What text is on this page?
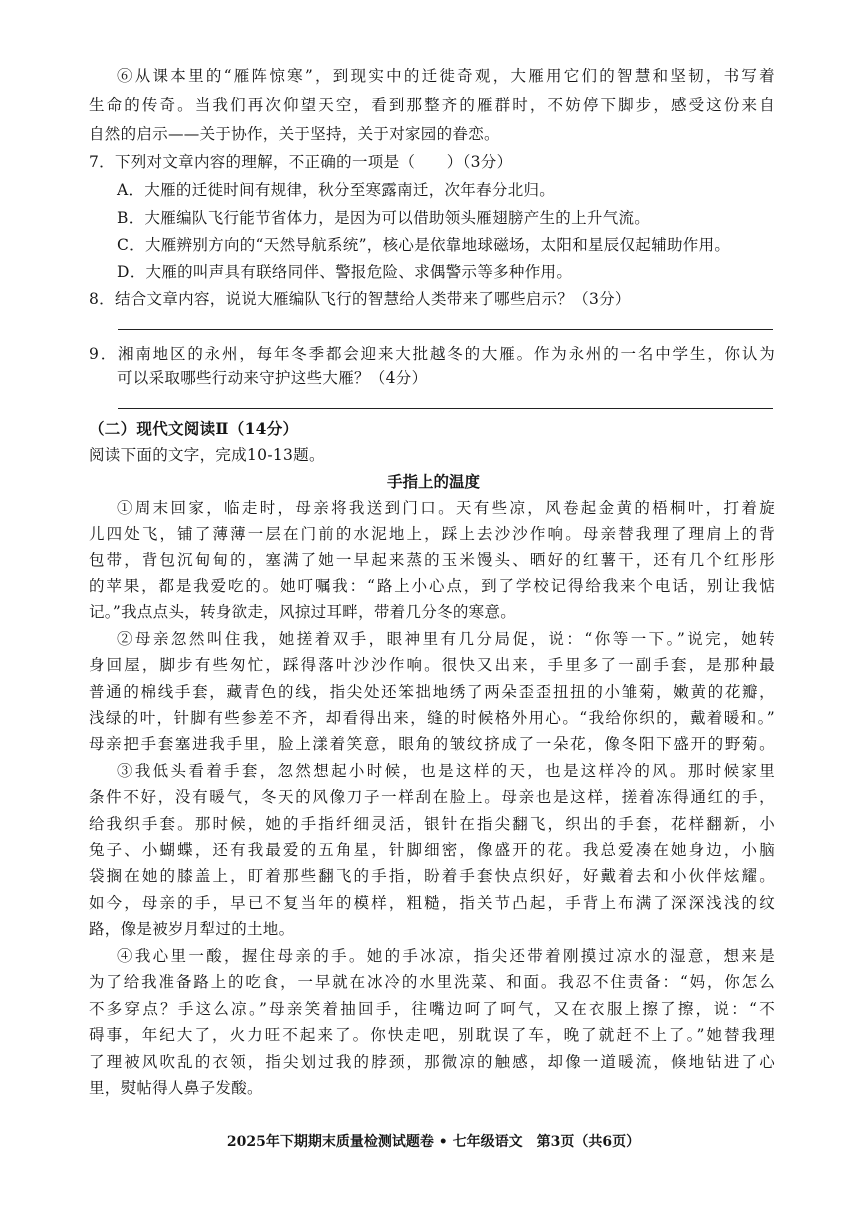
⑥从课本里的“雁阵惊寒”，到现实中的迁徙奇观，大雁用它们的智慧和坚韧，书写着
生命的传奇。当我们再次仰望天空，看到那整齐的雁群时，不妨停下脚步，感受这份来自
自然的启示——关于协作，关于坚持，关于对家园的眷恋。
7．下列对文章内容的理解，不正确的一项是（　　）（3分）
A．大雁的迁徙时间有规律，秋分至寒露南迁，次年春分北归。
B．大雁编队飞行能节省体力，是因为可以借助领头雁翅膀产生的上升气流。
C．大雁辨别方向的“天然导航系统”，核心是依靠地球磁场，太阳和星辰仅起辅助作用。
D．大雁的叫声具有联络同伴、警报危险、求偶警示等多种作用。
8．结合文章内容，说说大雁编队飞行的智慧给人类带来了哪些启示？（3分）
9．湘南地区的永州，每年冬季都会迎来大批越冬的大雁。作为永州的一名中学生，你认为
可以采取哪些行动来守护这些大雁？（4分）
（二）现代文阅读Ⅱ（14分）
阅读下面的文字，完成10-13题。
手指上的温度
①周末回家，临走时，母亲将我送到门口。天有些凉，风卷起金黄的梧桐叶，打着旋
儿四处飞，铺了薄薄一层在门前的水泥地上，踩上去沙沙作响。母亲替我理了理肩上的背
包带，背包沉甸甸的，塞满了她一早起来蒸的玉米馒头、晒好的红薯干，还有几个红彤彤
的苹果，都是我爱吃的。她叮嘱我：“路上小心点，到了学校记得给我来个电话，别让我惦
记。”我点点头，转身欲走，风掠过耳畔，带着几分冬的寒意。
②母亲忽然叫住我，她搓着双手，眼神里有几分局促，说：“你等一下。”说完，她转
身回屋，脚步有些匆忙，踩得落叶沙沙作响。很快又出来，手里多了一副手套，是那种最
普通的棉线手套，藏青色的线，指尖处还笨拙地绣了两朵歪歪扭扭的小雏菊，嫩黄的花瓣，
浅绿的叶，针脚有些参差不齐，却看得出来，缝的时候格外用心。“我给你织的，戴着暖和。”
母亲把手套塞进我手里，脸上漾着笑意，眼角的皱纹挤成了一朵花，像冬阳下盛开的野菊。
③我低头看着手套，忽然想起小时候，也是这样的天，也是这样冷的风。那时候家里
条件不好，没有暖气，冬天的风像刀子一样刮在脸上。母亲也是这样，搓着冻得通红的手，
给我织手套。那时候，她的手指纤细灵活，银针在指尖翻飞，织出的手套，花样翻新，小
兔子、小蝴蝶，还有我最爱的五角星，针脚细密，像盛开的花。我总爱凑在她身边，小脑
袋搁在她的膝盖上，盯着那些翻飞的手指，盼着手套快点织好，好戴着去和小伙伴炫耀。
如今，母亲的手，早已不复当年的模样，粗糙，指关节凸起，手背上布满了深深浅浅的纹
路，像是被岁月犁过的土地。
④我心里一酸，握住母亲的手。她的手冰凉，指尖还带着刚摸过凉水的湿意，想来是
为了给我准备路上的吃食，一早就在冰冷的水里洗菜、和面。我忍不住责备：“妈，你怎么
不多穿点？手这么凉。”母亲笑着抽回手，往嘴边呵了呵气，又在衣服上擦了擦，说：“不
碍事，年纪大了，火力旺不起来了。你快走吧，别耽误了车，晚了就赶不上了。”她替我理
了理被风吹乱的衣领，指尖划过我的脖颈，那微凉的触感，却像一道暖流，倏地钻进了心
里，熨帖得人鼻子发酸。
2025年下期期末质量检测试题卷 • 七年级语文　第3页（共6页）
